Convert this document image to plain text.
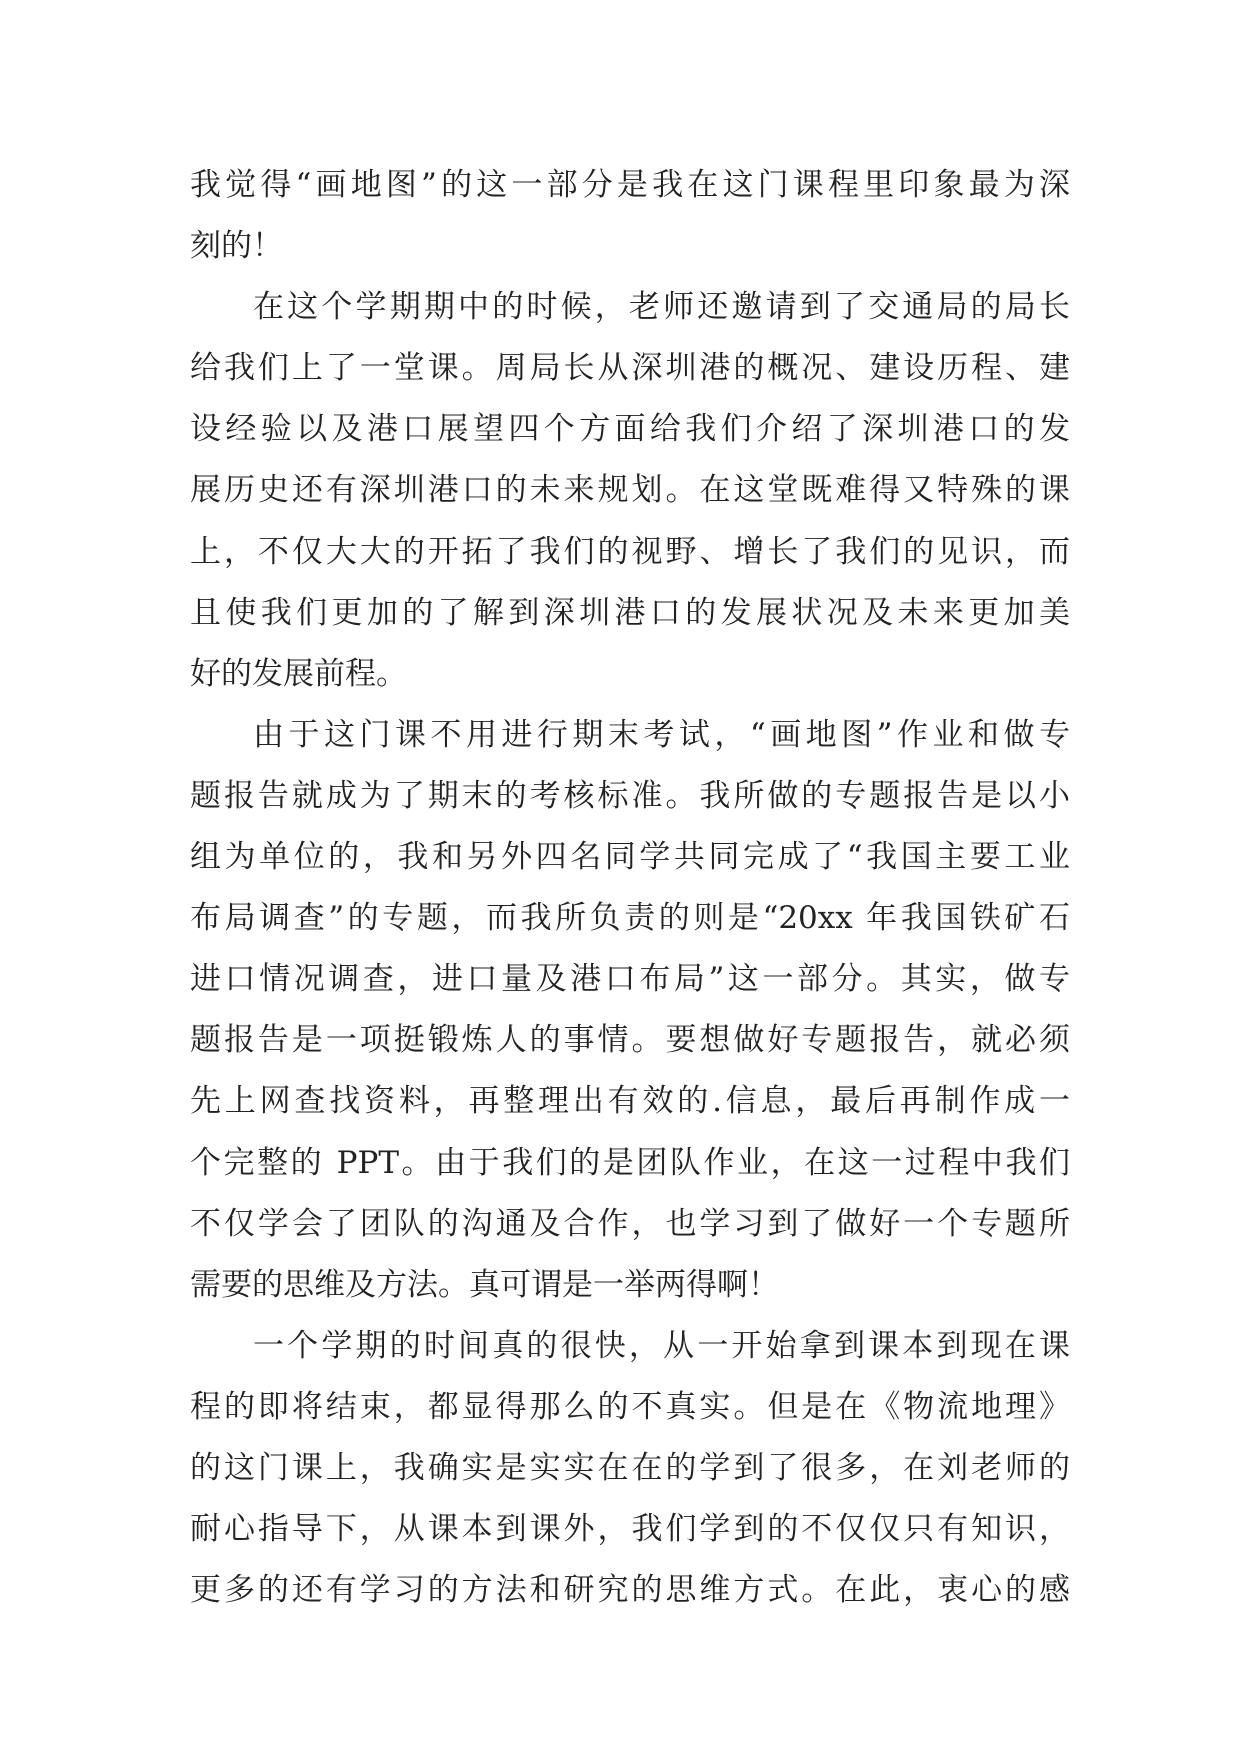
我觉得“画地图”的这一部分是我在这门课程里印象最为深
刻的！
在这个学期期中的时候，老师还邀请到了交通局的局长
给我们上了一堂课。周局长从深圳港的概况、建设历程、建
设经验以及港口展望四个方面给我们介绍了深圳港口的发
展历史还有深圳港口的未来规划。在这堂既难得又特殊的课
上，不仅大大的开拓了我们的视野、增长了我们的见识，而
且使我们更加的了解到深圳港口的发展状况及未来更加美
好的发展前程。
由于这门课不用进行期末考试，“画地图”作业和做专
题报告就成为了期末的考核标准。我所做的专题报告是以小
组为单位的，我和另外四名同学共同完成了“我国主要工业
布局调查”的专题，而我所负责的则是“20xx 年我国铁矿石
进口情况调查，进口量及港口布局”这一部分。其实，做专
题报告是一项挺锻炼人的事情。要想做好专题报告，就必须
先上网查找资料，再整理出有效的.信息，最后再制作成一
个完整的 PPT。由于我们的是团队作业，在这一过程中我们
不仅学会了团队的沟通及合作，也学习到了做好一个专题所
需要的思维及方法。真可谓是一举两得啊！
一个学期的时间真的很快，从一开始拿到课本到现在课
程的即将结束，都显得那么的不真实。但是在《物流地理》
的这门课上，我确实是实实在在的学到了很多，在刘老师的
耐心指导下，从课本到课外，我们学到的不仅仅只有知识，
更多的还有学习的方法和研究的思维方式。在此，衷心的感
